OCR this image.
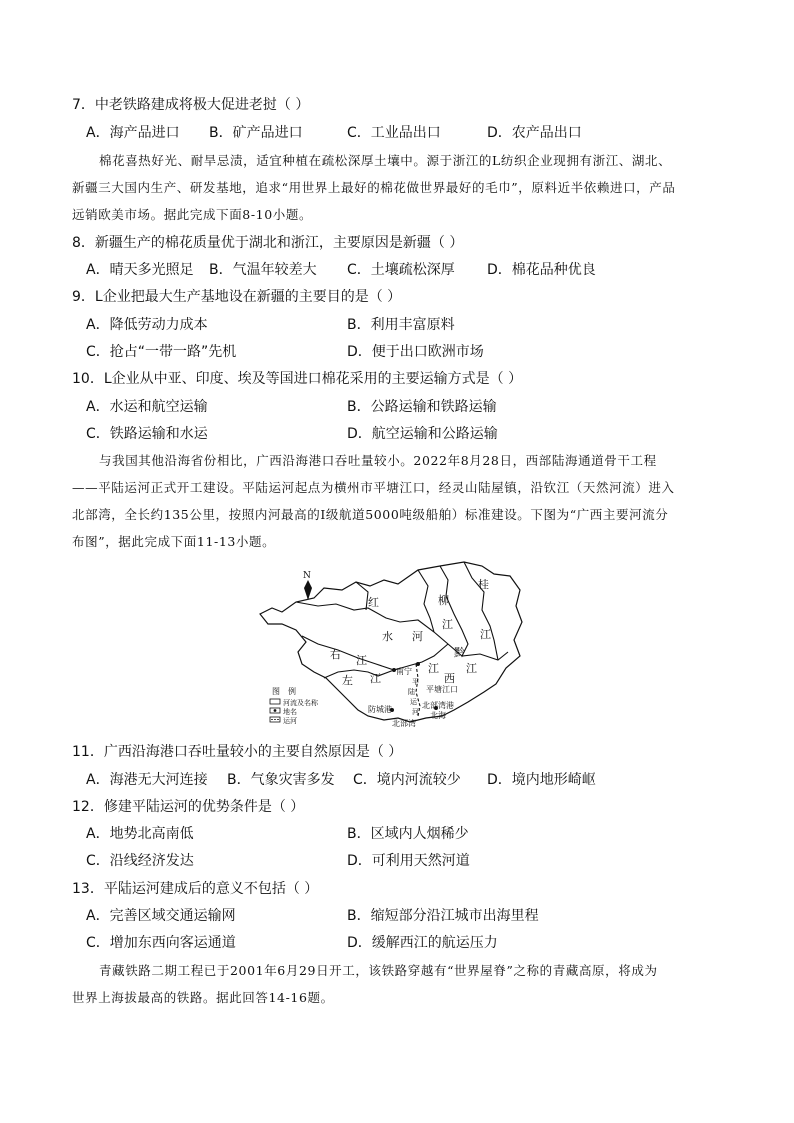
7．中老铁路建成将极大促进老挝（ ）
A．海产品进口 B．矿产品进口	C．工业品出口	D．农产品出口
棉花喜热好光、耐旱忌渍，适宜种植在疏松深厚土壤中。源于浙江的L纺织企业现拥有浙江、湖北、
新疆三大国内生产、研发基地，追求“用世界上最好的棉花做世界最好的毛巾”，原料近半依赖进口，产品
远销欧美市场。据此完成下面8-10小题。
8．新疆生产的棉花质量优于湖北和浙江，主要原因是新疆（ ）
A．晴天多光照足 B．气温年较差大 C．土壤疏松深厚 D．棉花品种优良
9．L企业把最大生产基地设在新疆的主要目的是（ ）
A．降低劳动力成本	B．利用丰富原料
C．抢占“一带一路”先机	D．便于出口欧洲市场
10．L企业从中亚、印度、埃及等国进口棉花采用的主要运输方式是（ ）
A．水运和航空运输	B．公路运输和铁路运输
C．铁路运输和水运	D．航空运输和公路运输
与我国其他沿海省份相比，广西沿海港口吞吐量较小。2022年8月28日，西部陆海通道骨干工程
——平陆运河正式开工建设。平陆运河起点为横州市平塘江口，经灵山陆屋镇，沿钦江（天然河流）进入
北部湾，全长约135公里，按照内河最高的Ⅰ级航道5000吨级船舶）标准建设。下图为“广西主要河流分
布图”，据此完成下面11-13小题。
N
红
水 河
柳
江
桂
江
右 江
左 江
黔
江
西
江
南宁
平
陆
运
河
平塘江口
防城港	北部湾港
北海
北部湾
图　例
河流及名称
地名
运河
11．广西沿海港口吞吐量较小的主要自然原因是（ ）
A．海港无大河连接 B．气象灾害多发 C．境内河流较少 D．境内地形崎岖
12．修建平陆运河的优势条件是（ ）
A．地势北高南低	B．区域内人烟稀少
C．沿线经济发达	D．可利用天然河道
13．平陆运河建成后的意义不包括（ ）
A．完善区域交通运输网	B．缩短部分沿江城市出海里程
C．增加东西向客运通道	D．缓解西江的航运压力
青藏铁路二期工程已于2001年6月29日开工，该铁路穿越有“世界屋脊”之称的青藏高原，将成为
世界上海拔最高的铁路。据此回答14-16题。
